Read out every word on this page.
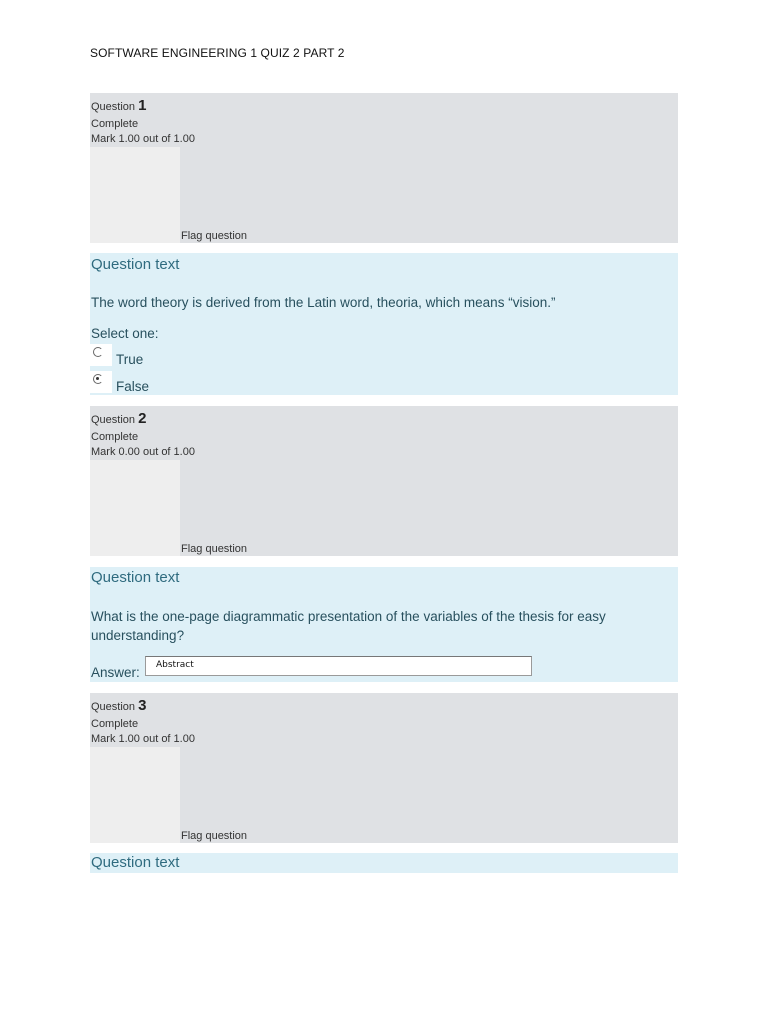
SOFTWARE ENGINEERING 1 QUIZ 2 PART 2
Question 1
Complete
Mark 1.00 out of 1.00
Flag question
Question text
The word theory is derived from the Latin word, theoria, which means “vision.”
Select one:
True
False
Question 2
Complete
Mark 0.00 out of 1.00
Flag question
Question text
What is the one-page diagrammatic presentation of the variables of the thesis for easy understanding?
Answer:	Abstract
Question 3
Complete
Mark 1.00 out of 1.00
Flag question
Question text
